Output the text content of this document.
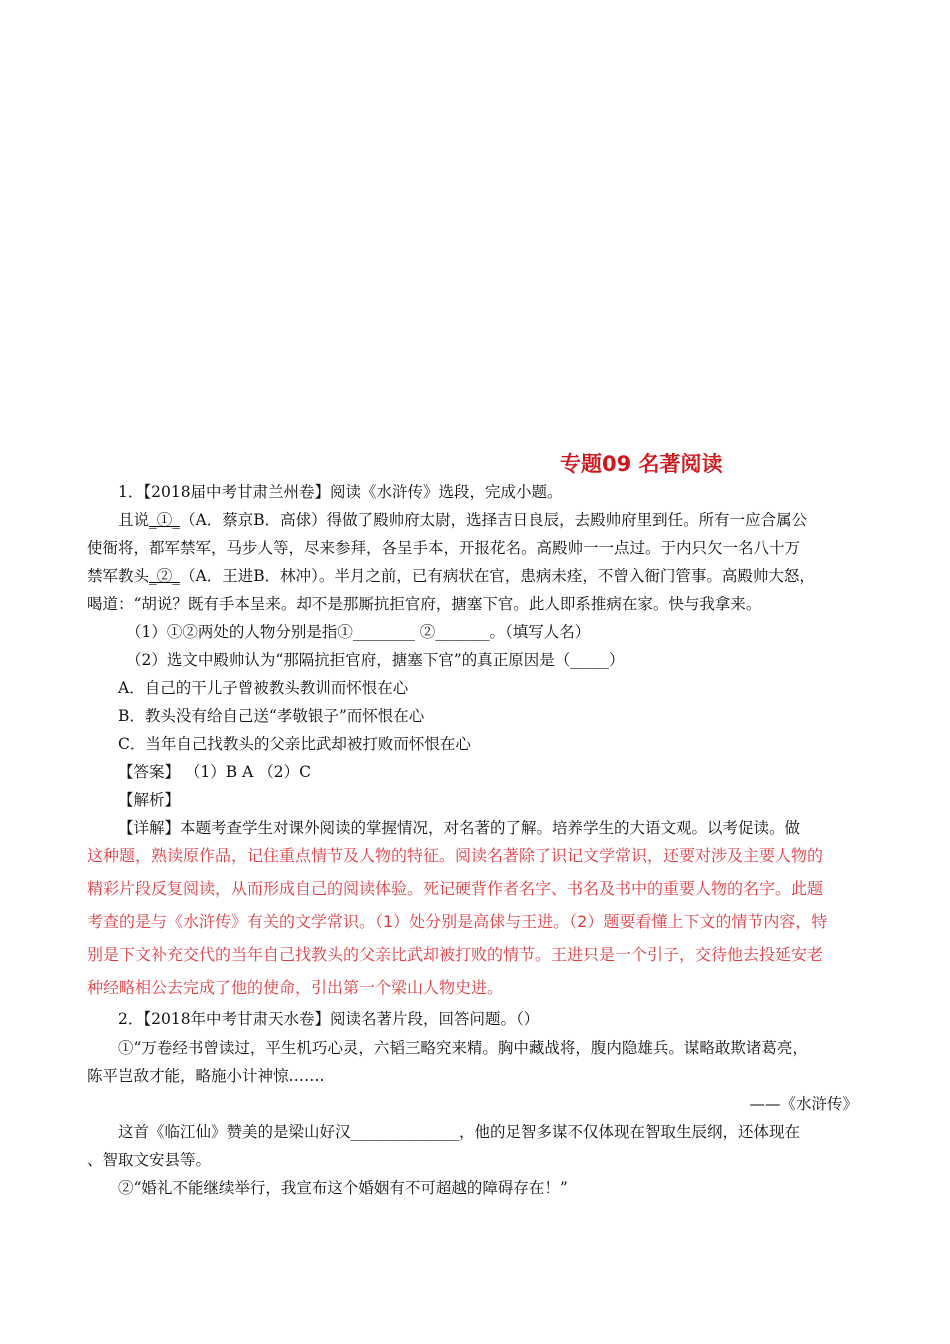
专题09 名著阅读
1．【2018届中考甘肃兰州卷】阅读《水浒传》选段，完成小题。
且说_①_（A．蔡京B．高俅）得做了殿帅府太尉，选择吉日良辰，去殿帅府里到任。所有一应合属公
使衙将，都军禁军，马步人等，尽来参拜，各呈手本，开报花名。高殿帅一一点过。于内只欠一名八十万
禁军教头_②_（A．王进B．林冲）。半月之前，已有病状在官，患病未痊，不曾入衙门管事。高殿帅大怒，
喝道：“胡说？既有手本呈来。却不是那厮抗拒官府，搪塞下官。此人即系推病在家。快与我拿来。
（1）①②两处的人物分别是指①________ ②_______。（填写人名）
（2）选文中殿帅认为“那隔抗拒官府，搪塞下官”的真正原因是（_____）
A．自己的干儿子曾被教头教训而怀恨在心
B．教头没有给自己送“孝敬银子”而怀恨在心
C．当年自己找教头的父亲比武却被打败而怀恨在心
【答案】 （1）B A （2）C
【解析】
【详解】本题考查学生对课外阅读的掌握情况，对名著的了解。培养学生的大语文观。以考促读。做
这种题，熟读原作品，记住重点情节及人物的特征。阅读名著除了识记文学常识，还要对涉及主要人物的
精彩片段反复阅读，从而形成自己的阅读体验。死记硬背作者名字、书名及书中的重要人物的名字。此题
考查的是与《水浒传》有关的文学常识。（1）处分别是高俅与王进。（2）题要看懂上下文的情节内容，特
别是下文补充交代的当年自己找教头的父亲比武却被打败的情节。王进只是一个引子，交待他去投延安老
种经略相公去完成了他的使命，引出第一个梁山人物史进。
2．【2018年中考甘肃天水卷】阅读名著片段，回答问题。（）
①“万卷经书曾读过，平生机巧心灵，六韬三略究来精。胸中藏战将，腹内隐雄兵。谋略敢欺诸葛亮，
陈平岂敌才能，略施小计神惊…….
——《水浒传》
这首《临江仙》赞美的是梁山好汉______________，他的足智多谋不仅体现在智取生辰纲，还体现在
、智取文安县等。
②“婚礼不能继续举行，我宣布这个婚姻有不可超越的障碍存在！”
